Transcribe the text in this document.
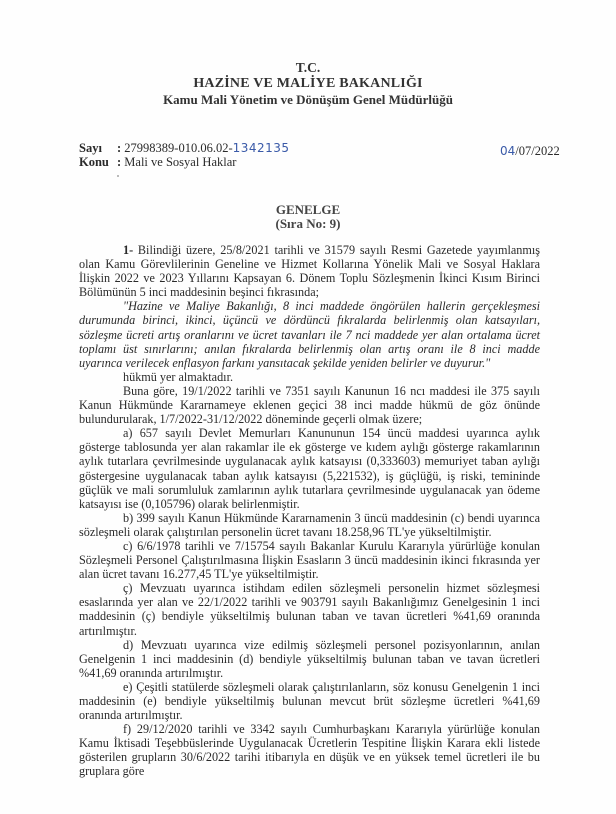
T.C.
HAZİNE VE MALİYE BAKANLIĞI
Kamu Mali Yönetim ve Dönüşüm Genel Müdürlüğü
Sayı : 27998389-010.06.02-1342135
Konu : Mali ve Sosyal Haklar
04/07/2022
GENELGE
(Sıra No: 9)

1- Bilindiği üzere, 25/8/2021 tarihli ve 31579 sayılı Resmi Gazetede yayımlanmış olan Kamu Görevlilerinin Geneline ve Hizmet Kollarına Yönelik Mali ve Sosyal Haklara İlişkin 2022 ve 2023 Yıllarını Kapsayan 6. Dönem Toplu Sözleşmenin İkinci Kısım Birinci Bölümünün 5 inci maddesinin beşinci fıkrasında;

"Hazine ve Maliye Bakanlığı, 8 inci maddede öngörülen hallerin gerçekleşmesi durumunda birinci, ikinci, üçüncü ve dördüncü fıkralarda belirlenmiş olan katsayıları, sözleşme ücreti artış oranlarını ve ücret tavanları ile 7 nci maddede yer alan ortalama ücret toplamı üst sınırlarını; anılan fıkralarda belirlenmiş olan artış oranı ile 8 inci madde uyarınca verilecek enflasyon farkını yansıtacak şekilde yeniden belirler ve duyurur."

hükmü yer almaktadır.

Buna göre, 19/1/2022 tarihli ve 7351 sayılı Kanunun 16 ncı maddesi ile 375 sayılı Kanun Hükmünde Kararnameye eklenen geçici 38 inci madde hükmü de göz önünde bulundurularak, 1/7/2022-31/12/2022 döneminde geçerli olmak üzere;

a) 657 sayılı Devlet Memurları Kanununun 154 üncü maddesi uyarınca aylık gösterge tablosunda yer alan rakamlar ile ek gösterge ve kıdem aylığı gösterge rakamlarının aylık tutarlara çevrilmesinde uygulanacak aylık katsayısı (0,333603) memuriyet taban aylığı göstergesine uygulanacak taban aylık katsayısı (5,221532), iş güçlüğü, iş riski, temininde güçlük ve mali sorumluluk zamlarının aylık tutarlara çevrilmesinde uygulanacak yan ödeme katsayısı ise (0,105796) olarak belirlenmiştir.

b) 399 sayılı Kanun Hükmünde Kararnamenin 3 üncü maddesinin (c) bendi uyarınca sözleşmeli olarak çalıştırılan personelin ücret tavanı 18.258,96 TL'ye yükseltilmiştir.

c) 6/6/1978 tarihli ve 7/15754 sayılı Bakanlar Kurulu Kararıyla yürürlüğe konulan Sözleşmeli Personel Çalıştırılmasına İlişkin Esasların 3 üncü maddesinin ikinci fıkrasında yer alan ücret tavanı 16.277,45 TL'ye yükseltilmiştir.

ç) Mevzuatı uyarınca istihdam edilen sözleşmeli personelin hizmet sözleşmesi esaslarında yer alan ve 22/1/2022 tarihli ve 903791 sayılı Bakanlığımız Genelgesinin 1 inci maddesinin (ç) bendiyle yükseltilmiş bulunan taban ve tavan ücretleri %41,69 oranında artırılmıştır.

d) Mevzuatı uyarınca vize edilmiş sözleşmeli personel pozisyonlarının, anılan Genelgenin 1 inci maddesinin (d) bendiyle yükseltilmiş bulunan taban ve tavan ücretleri %41,69 oranında artırılmıştır.

e) Çeşitli statülerde sözleşmeli olarak çalıştırılanların, söz konusu Genelgenin 1 inci maddesinin (e) bendiyle yükseltilmiş bulunan mevcut brüt sözleşme ücretleri %41,69 oranında artırılmıştır.

f) 29/12/2020 tarihli ve 3342 sayılı Cumhurbaşkanı Kararıyla yürürlüğe konulan Kamu İktisadi Teşebbüslerinde Uygulanacak Ücretlerin Tespitine İlişkin Karara ekli listede gösterilen grupların 30/6/2022 tarihi itibarıyla en düşük ve en yüksek temel ücretleri ile bu gruplara göre
